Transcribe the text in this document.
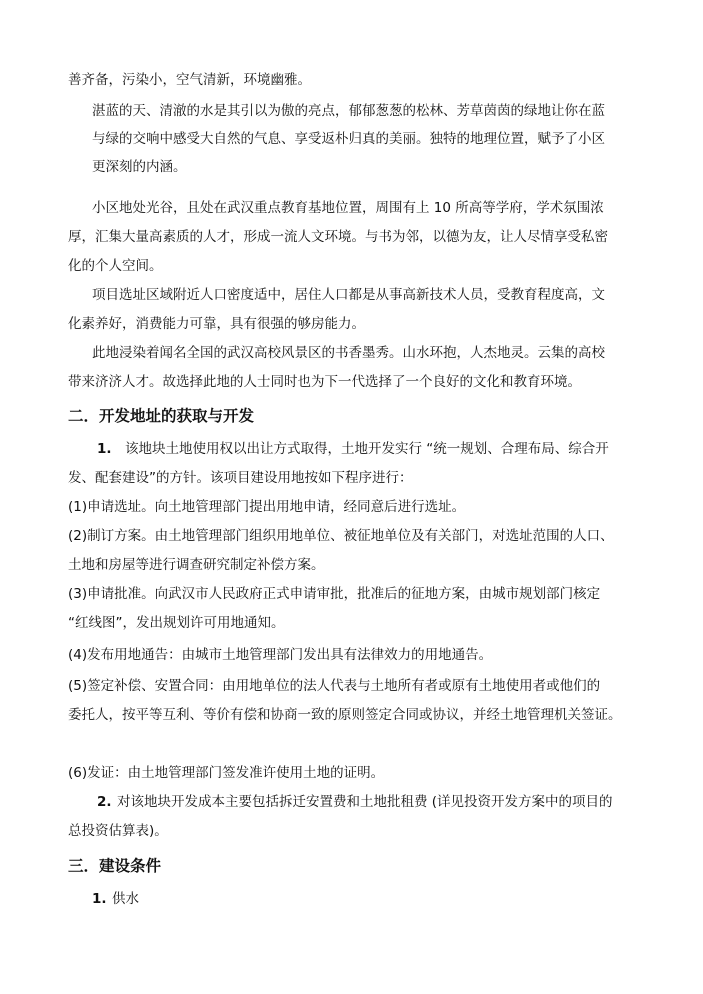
善齐备，污染小，空气清新，环境幽雅。
湛蓝的天、清澈的水是其引以为傲的亮点，郁郁葱葱的松林、芳草茵茵的绿地让你在蓝
与绿的交响中感受大自然的气息、享受返朴归真的美丽。独特的地理位置，赋予了小区
更深刻的内涵。
小区地处光谷，且处在武汉重点教育基地位置，周围有上 10 所高等学府，学术氛围浓
厚，汇集大量高素质的人才，形成一流人文环境。与书为邻，以德为友，让人尽情享受私密
化的个人空间。
项目选址区域附近人口密度适中，居住人口都是从事高新技术人员，受教育程度高，文
化素养好，消费能力可靠，具有很强的够房能力。
此地浸染着闻名全国的武汉高校风景区的书香墨秀。山水环抱，人杰地灵。云集的高校
带来济济人才。故选择此地的人士同时也为下一代选择了一个良好的文化和教育环境。
二．开发地址的获取与开发
1. 该地块土地使用权以出让方式取得，土地开发实行 “统一规划、合理布局、综合开
发、配套建设”的方针。该项目建设用地按如下程序进行：
(1)申请选址。向土地管理部门提出用地申请，经同意后进行选址。
(2)制订方案。由土地管理部门组织用地单位、被征地单位及有关部门，对选址范围的人口、
土地和房屋等进行调查研究制定补偿方案。
(3)申请批准。向武汉市人民政府正式申请审批，批准后的征地方案，由城市规划部门核定
“红线图”，发出规划许可用地通知。
(4)发布用地通告：由城市土地管理部门发出具有法律效力的用地通告。
(5)签定补偿、安置合同：由用地单位的法人代表与土地所有者或原有土地使用者或他们的
委托人，按平等互利、等价有偿和协商一致的原则签定合同或协议，并经土地管理机关签证。
(6)发证：由土地管理部门签发准许使用土地的证明。
2. 对该地块开发成本主要包括拆迁安置费和土地批租费 (详见投资开发方案中的项目的
总投资估算表)。
三．建设条件
1. 供水
